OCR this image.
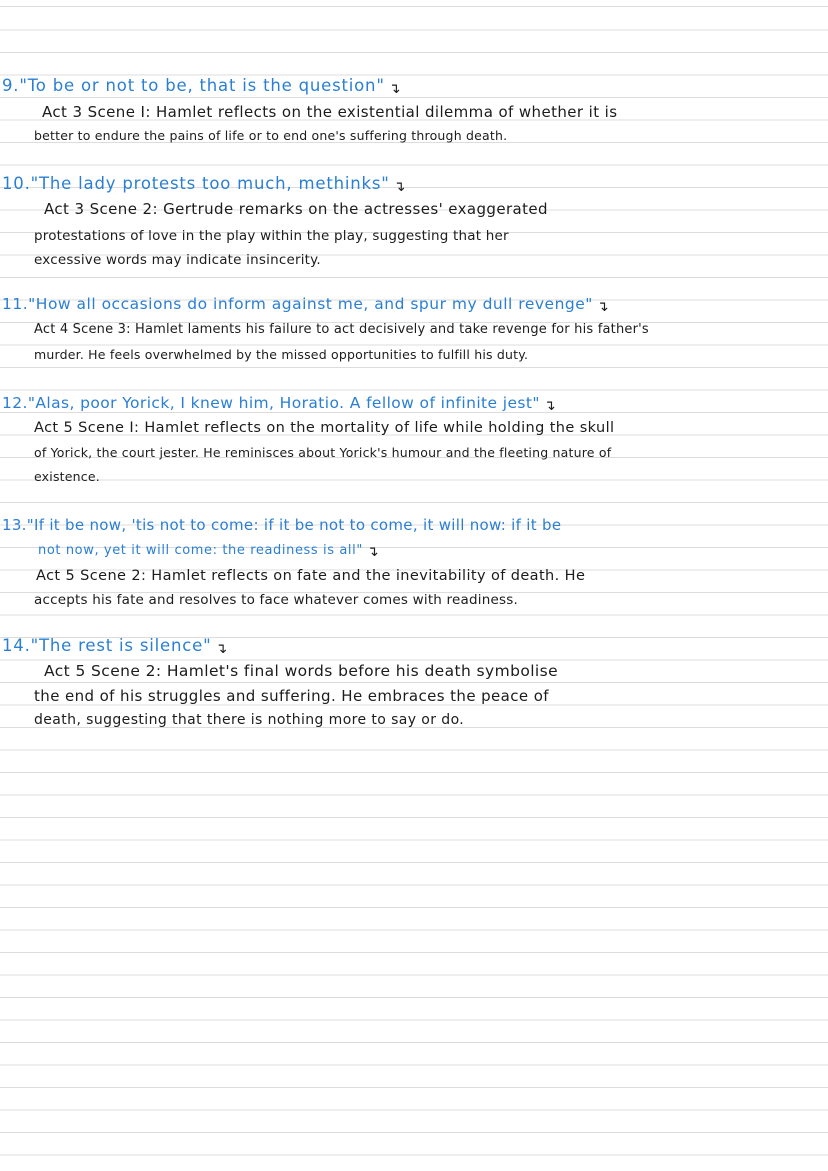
9."To be or not to be, that is the question" ↴
Act 3 Scene I: Hamlet reflects on the existential dilemma of whether it is
better to endure the pains of life or to end one's suffering through death.
10."The lady protests too much, methinks" ↴
Act 3 Scene 2: Gertrude remarks on the actresses' exaggerated
protestations of love in the play within the play, suggesting that her
excessive words may indicate insincerity.
11."How all occasions do inform against me, and spur my dull revenge" ↴
Act 4 Scene 3: Hamlet laments his failure to act decisively and take revenge for his father's
murder. He feels overwhelmed by the missed opportunities to fulfill his duty.
12."Alas, poor Yorick, I knew him, Horatio. A fellow of infinite jest" ↴
Act 5 Scene I: Hamlet reflects on the mortality of life while holding the skull
of Yorick, the court jester. He reminisces about Yorick's humour and the fleeting nature of
existence.
13."If it be now, 'tis not to come: if it be not to come, it will now: if it be
not now, yet it will come: the readiness is all" ↴
Act 5 Scene 2: Hamlet reflects on fate and the inevitability of death. He
accepts his fate and resolves to face whatever comes with readiness.
14."The rest is silence" ↴
Act 5 Scene 2: Hamlet's final words before his death symbolise
the end of his struggles and suffering. He embraces the peace of
death, suggesting that there is nothing more to say or do.
